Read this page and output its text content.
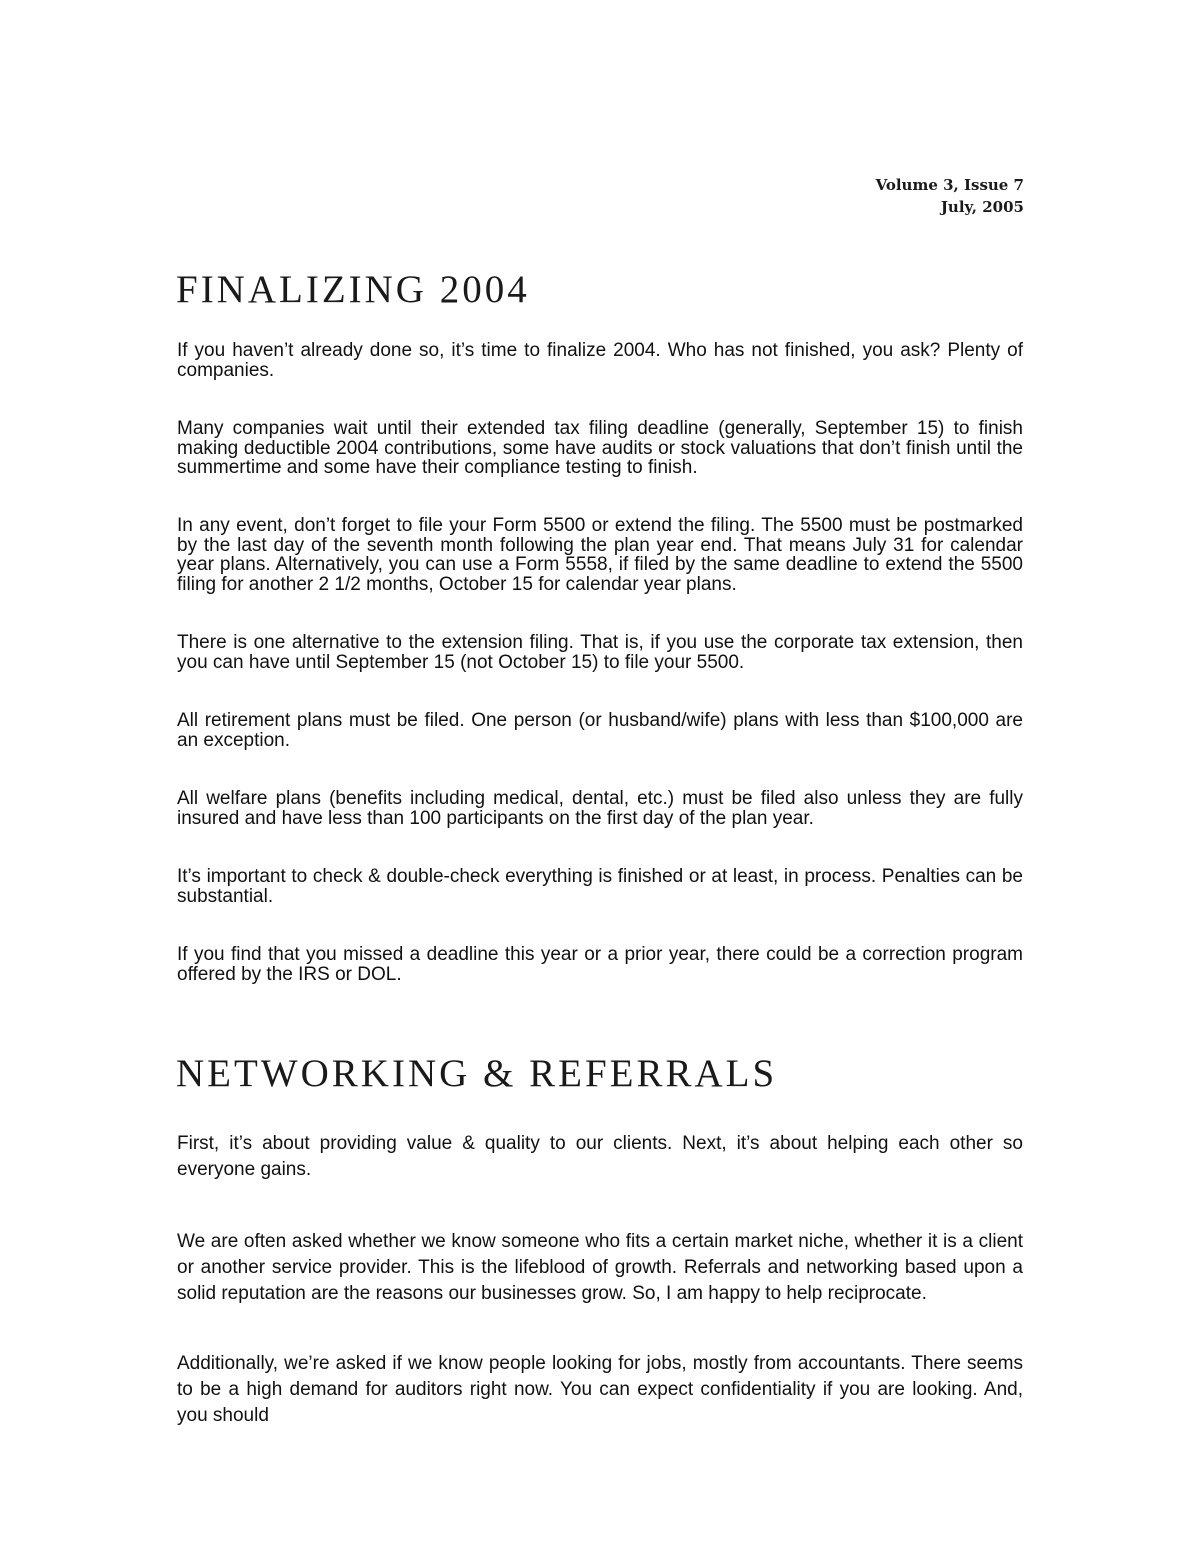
Volume 3, Issue 7
July, 2005
FINALIZING 2004

If you haven’t already done so, it’s time to finalize 2004. Who has not finished, you ask? Plenty of companies.

Many companies wait until their extended tax filing deadline (generally, September 15) to finish making deductible 2004 contributions, some have audits or stock valuations that don’t finish until the summertime and some have their compliance testing to finish.

In any event, don’t forget to file your Form 5500 or extend the filing. The 5500 must be postmarked by the last day of the seventh month following the plan year end. That means July 31 for calendar year plans. Alternatively, you can use a Form 5558, if filed by the same deadline to extend the 5500 filing for another 2 1/2 months, October 15 for calendar year plans.

There is one alternative to the extension filing. That is, if you use the corporate tax extension, then you can have until September 15 (not October 15) to file your 5500.

All retirement plans must be filed. One person (or husband/wife) plans with less than $100,000 are an exception.

All welfare plans (benefits including medical, dental, etc.) must be filed also unless they are fully insured and have less than 100 participants on the first day of the plan year.

It’s important to check & double-check everything is finished or at least, in process. Penalties can be substantial.

If you find that you missed a deadline this year or a prior year, there could be a correction program offered by the IRS or DOL.

NETWORKING & REFERRALS

First, it’s about providing value & quality to our clients. Next, it’s about helping each other so everyone gains.

We are often asked whether we know someone who fits a certain market niche, whether it is a client or another service provider. This is the lifeblood of growth. Referrals and networking based upon a solid reputation are the reasons our businesses grow. So, I am happy to help reciprocate.

Additionally, we’re asked if we know people looking for jobs, mostly from accountants. There seems to be a high demand for auditors right now. You can expect confidentiality if you are looking. And, you should
